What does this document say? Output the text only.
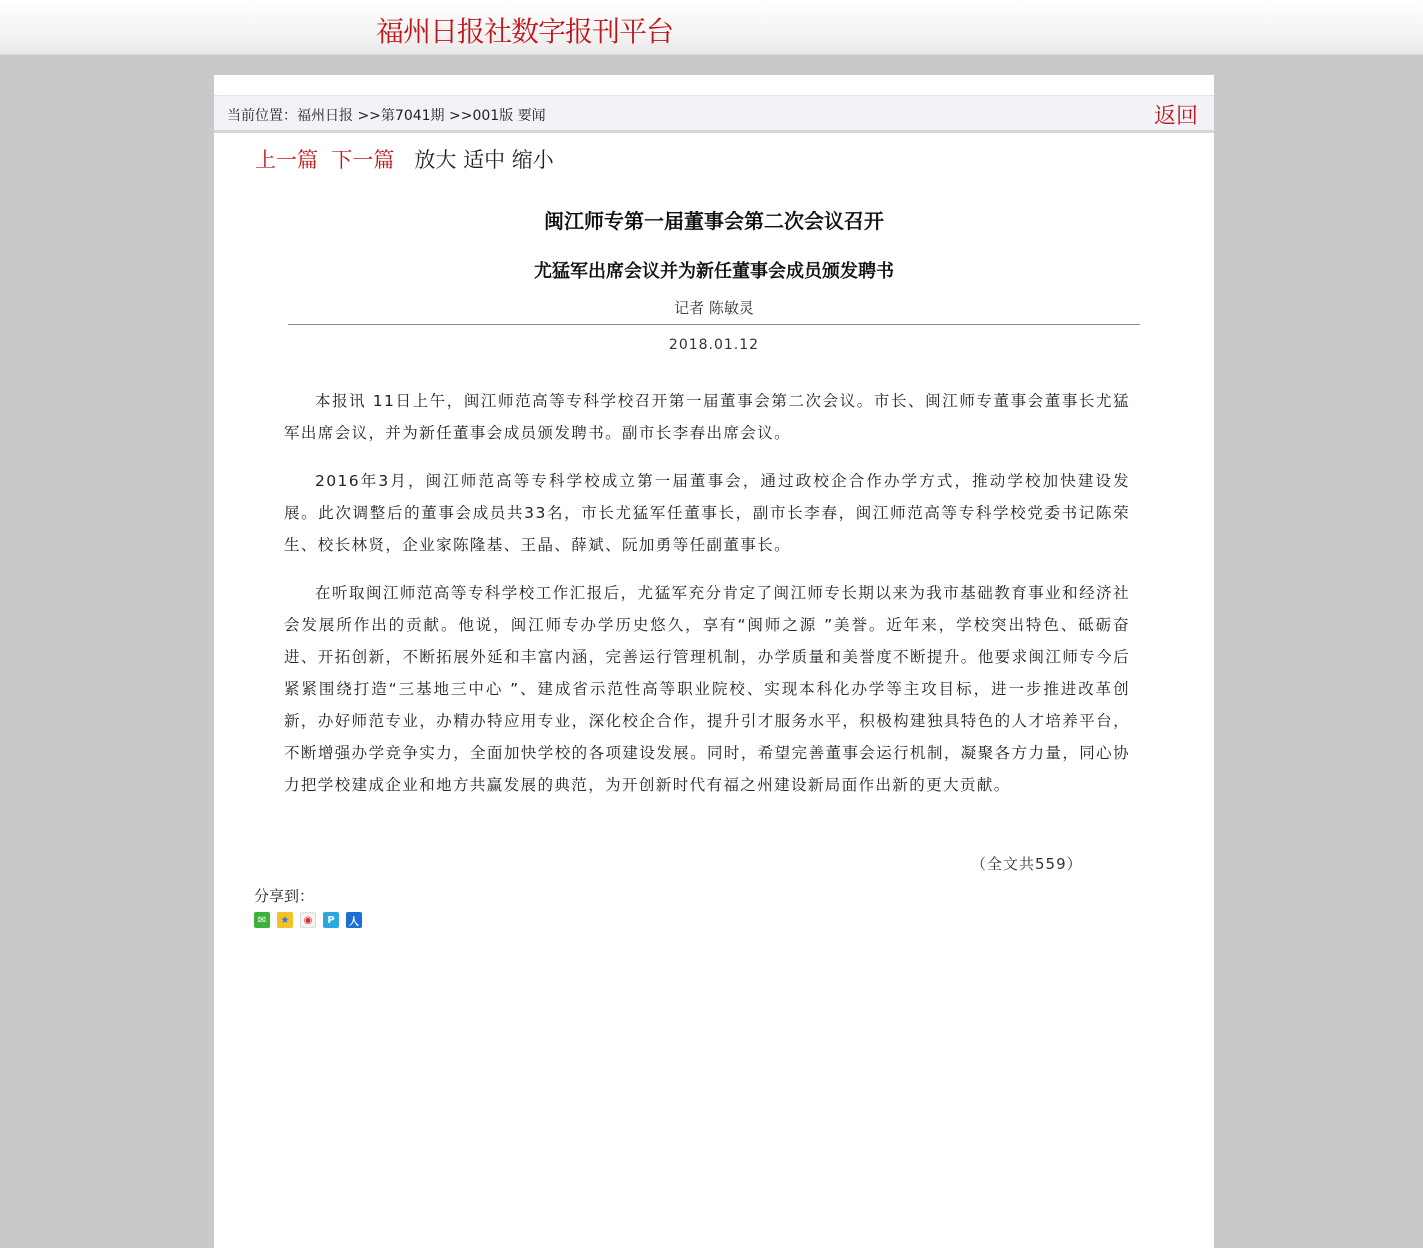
福州日报社数字报刊平台
当前位置：福州日报 >>第7041期 >>001版 要闻	返回
上一篇 下一篇 放大 适中 缩小
闽江师专第一届董事会第二次会议召开
尤猛军出席会议并为新任董事会成员颁发聘书
记者 陈敏灵
2018.01.12

本报讯 11日上午，闽江师范高等专科学校召开第一届董事会第二次会议。市长、闽江师专董事会董事长尤猛军出席会议，并为新任董事会成员颁发聘书。副市长李春出席会议。

2016年3月，闽江师范高等专科学校成立第一届董事会，通过政校企合作办学方式，推动学校加快建设发展。此次调整后的董事会成员共33名，市长尤猛军任董事长，副市长李春，闽江师范高等专科学校党委书记陈荣生、校长林贤，企业家陈隆基、王晶、薛斌、阮加勇等任副董事长。

在听取闽江师范高等专科学校工作汇报后，尤猛军充分肯定了闽江师专长期以来为我市基础教育事业和经济社会发展所作出的贡献。他说，闽江师专办学历史悠久，享有“闽师之源 ”美誉。近年来，学校突出特色、砥砺奋进、开拓创新，不断拓展外延和丰富内涵，完善运行管理机制，办学质量和美誉度不断提升。他要求闽江师专今后紧紧围绕打造“三基地三中心 ”、建成省示范性高等职业院校、实现本科化办学等主攻目标，进一步推进改革创新，办好师范专业，办精办特应用专业，深化校企合作，提升引才服务水平，积极构建独具特色的人才培养平台，不断增强办学竞争实力，全面加快学校的各项建设发展。同时，希望完善董事会运行机制，凝聚各方力量，同心协力把学校建成企业和地方共赢发展的典范，为开创新时代有福之州建设新局面作出新的更大贡献。

（全文共559）
分享到：
✉	★	◉	P	人
